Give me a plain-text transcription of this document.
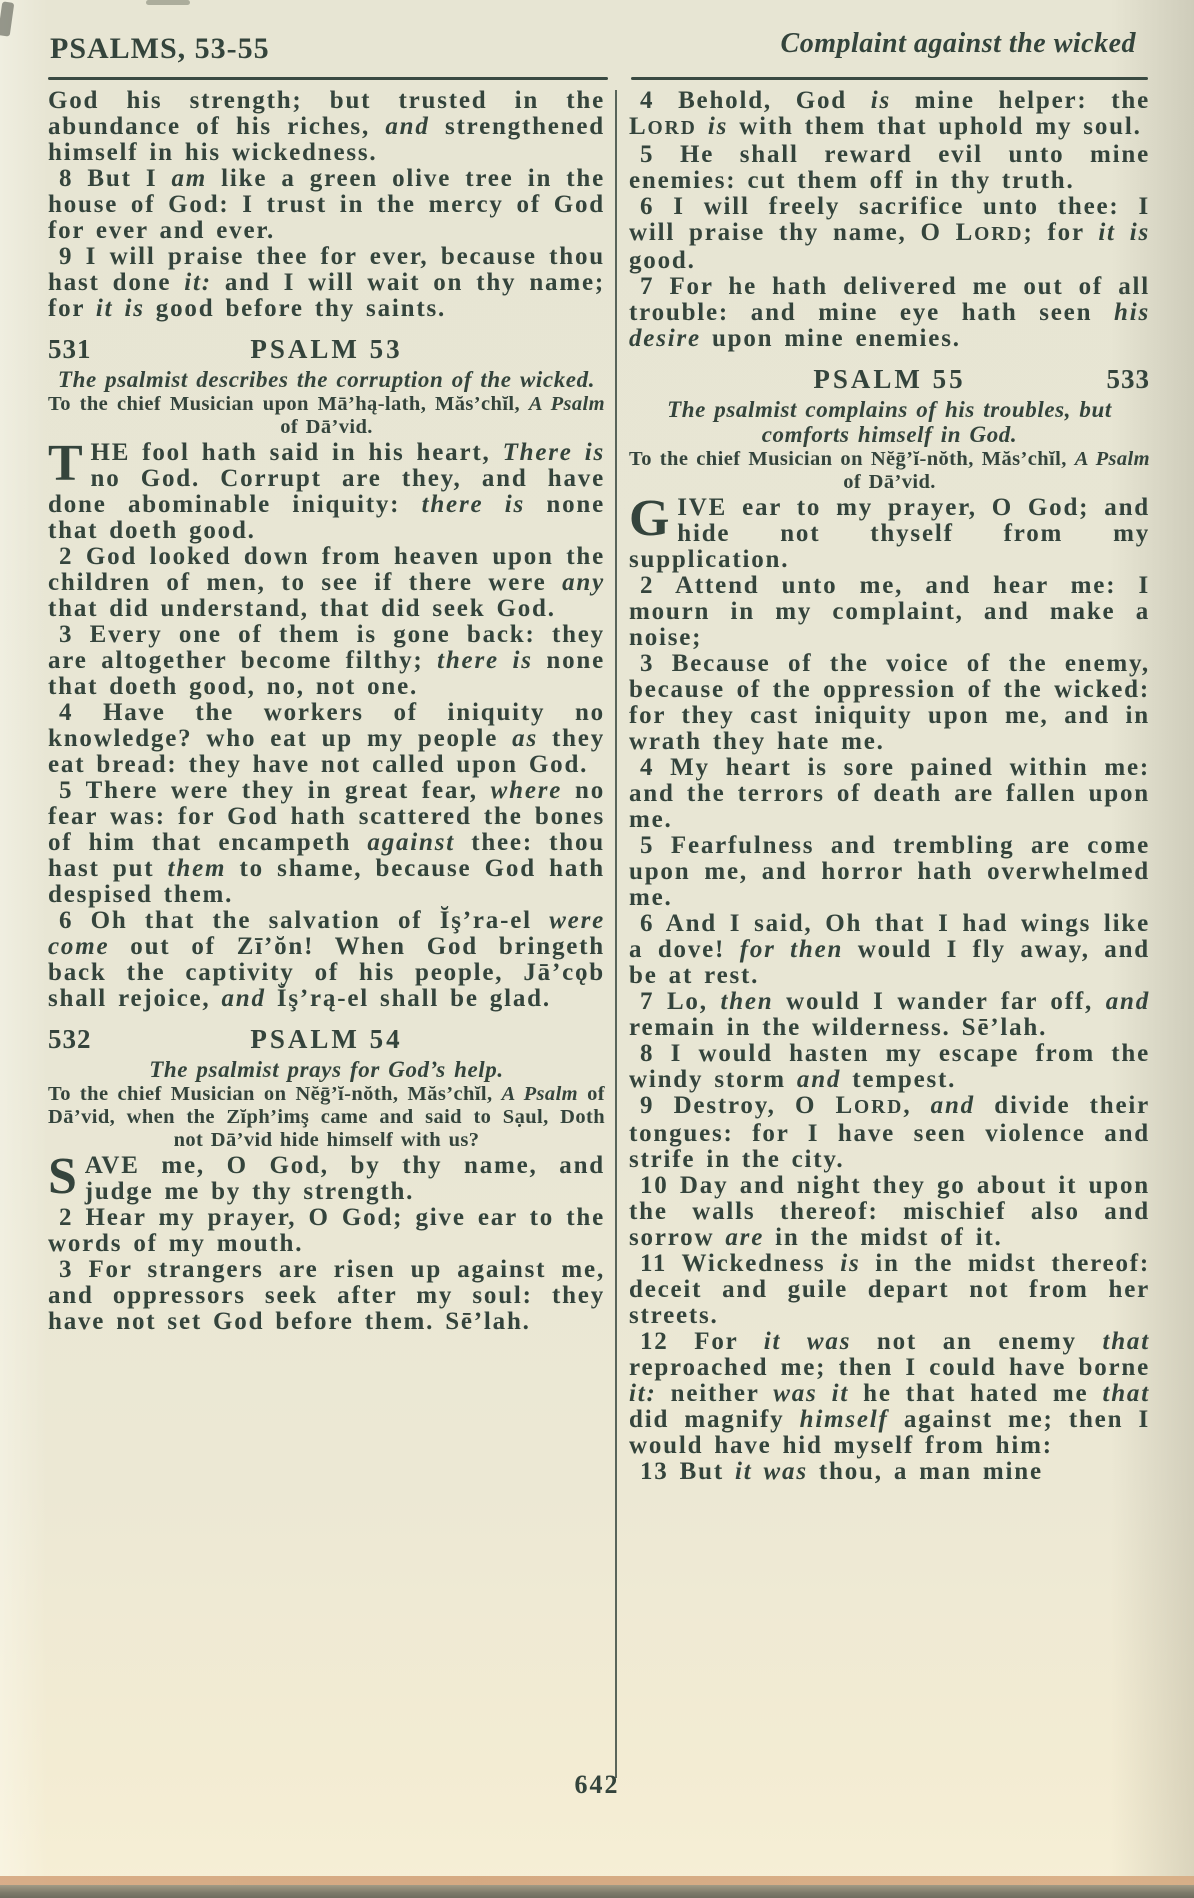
PSALMS, 53-55	Complaint against the wicked

God his strength; but trusted in the abundance of his riches, and strengthened himself in his wickedness.

8 But I am like a green olive tree in the house of God: I trust in the mercy of God for ever and ever.

9 I will praise thee for ever, because thou hast done it: and I will wait on thy name; for it is good before thy saints.

531	PSALM 53

The psalmist describes the corruption of the wicked.

To the chief Musician upon Mā’hą-lath, Măs’chĭl, A Psalm of Dā’vid.

THE fool hath said in his heart, There is no God. Corrupt are they, and have done abominable iniquity: there is none that doeth good.

2 God looked down from heaven upon the children of men, to see if there were any that did understand, that did seek God.

3 Every one of them is gone back: they are altogether become filthy; there is none that doeth good, no, not one.

4 Have the workers of iniquity no knowledge? who eat up my people as they eat bread: they have not called upon God.

5 There were they in great fear, where no fear was: for God hath scattered the bones of him that encampeth against thee: thou hast put them to shame, because God hath despised them.

6 Oh that the salvation of Ĭş’ra-el were come out of Zī’ŏn! When God bringeth back the captivity of his people, Jā’cǫb shall rejoice, and Ĭş’rą-el shall be glad.

532	PSALM 54

The psalmist prays for God’s help.

To the chief Musician on Nĕḡ’ĭ-nŏth, Măs’chĭl, A Psalm of Dā’vid, when the Zĭph’imş came and said to Sạul, Doth not Dā’vid hide himself with us?

SAVE me, O God, by thy name, and judge me by thy strength.

2 Hear my prayer, O God; give ear to the words of my mouth.

3 For strangers are risen up against me, and oppressors seek after my soul: they have not set God before them. Sē’lah.

4 Behold, God is mine helper: the LORD is with them that uphold my soul.

5 He shall reward evil unto mine enemies: cut them off in thy truth.

6 I will freely sacrifice unto thee: I will praise thy name, O LORD; for it is good.

7 For he hath delivered me out of all trouble: and mine eye hath seen his desire upon mine enemies.

PSALM 55	533

The psalmist complains of his troubles, but comforts himself in God.

To the chief Musician on Nĕḡ’ĭ-nŏth, Măs’chĭl, A Psalm of Dā’vid.

GIVE ear to my prayer, O God; and hide not thyself from my supplication.

2 Attend unto me, and hear me: I mourn in my complaint, and make a noise;

3 Because of the voice of the enemy, because of the oppression of the wicked: for they cast iniquity upon me, and in wrath they hate me.

4 My heart is sore pained within me: and the terrors of death are fallen upon me.

5 Fearfulness and trembling are come upon me, and horror hath overwhelmed me.

6 And I said, Oh that I had wings like a dove! for then would I fly away, and be at rest.

7 Lo, then would I wander far off, and remain in the wilderness. Sē’lah.

8 I would hasten my escape from the windy storm and tempest.

9 Destroy, O LORD, and divide their tongues: for I have seen violence and strife in the city.

10 Day and night they go about it upon the walls thereof: mischief also and sorrow are in the midst of it.

11 Wickedness is in the midst thereof: deceit and guile depart not from her streets.

12 For it was not an enemy that reproached me; then I could have borne it: neither was it he that hated me that did magnify himself against me; then I would have hid myself from him:

13 But it was thou, a man mine

642
